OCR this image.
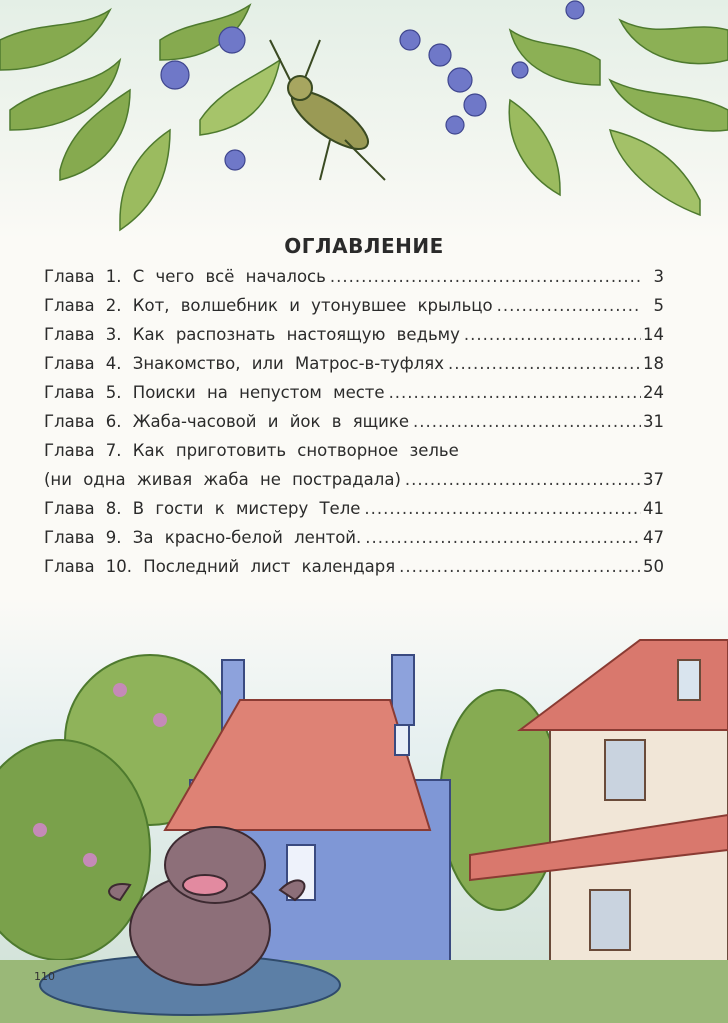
ОГЛАВЛЕНИЕ
Глава 1. С чего всё началось .....	3
Глава 2. Кот, волшебник и утонувшее крыльцо .....	5
Глава 3. Как распознать настоящую ведьму .....	14
Глава 4. Знакомство, или Матрос-в-туфлях .....	18
Глава 5. Поиски на непустом месте .....	24
Глава 6. Жаба-часовой и йок в ящике .....	31
Глава 7. Как приготовить снотворное зелье
(ни одна живая жаба не пострадала) .....	37
Глава 8. В гости к мистеру Теле .....	41
Глава 9. За красно-белой лентой. .....	47
Глава 10. Последний лист календаря .....	50
110
